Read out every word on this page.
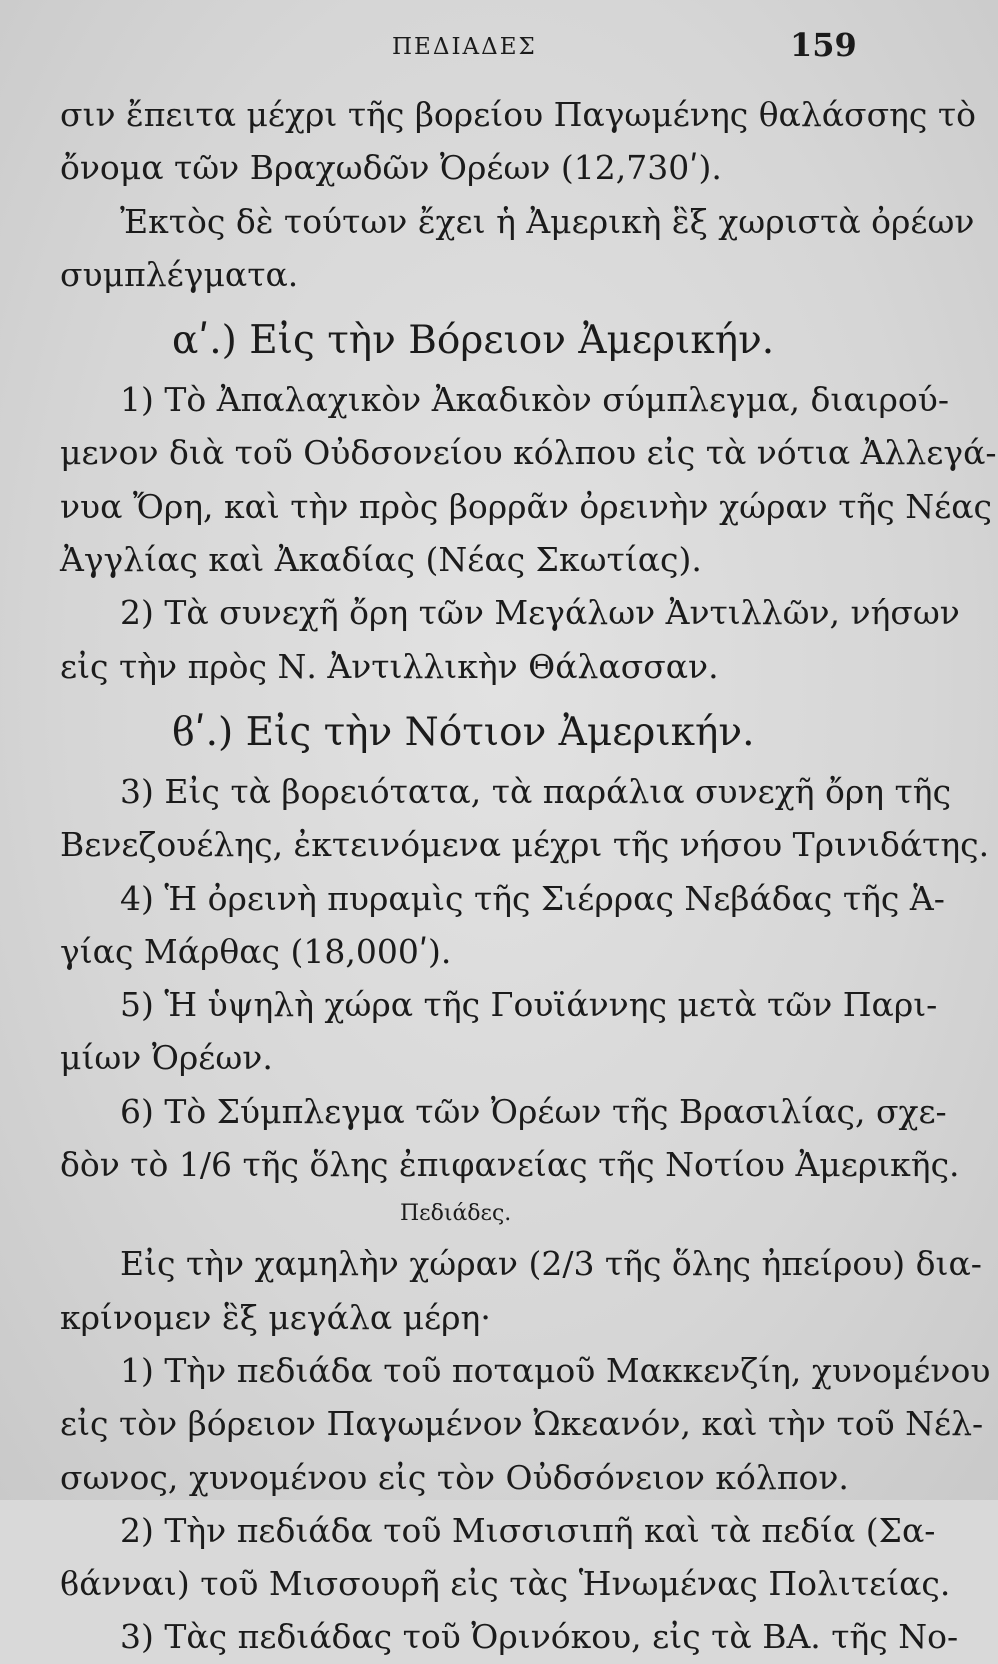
ΠΕΔΙΑΔΕΣ	159
σιν ἔπειτα μέχρι τῆς βορείου Παγωμένης θαλάσσης τὸ
ὄνομα τῶν Βραχωδῶν Ὀρέων (12,730ʹ).
Ἐκτὸς δὲ τούτων ἔχει ἡ Ἀμερικὴ ἓξ χωριστὰ ὀρέων
συμπλέγματα.
αʹ.) Εἰς τὴν Βόρειον Ἀμερικήν.
1) Τὸ Ἀπαλαχικὸν Ἀκαδικὸν σύμπλεγμα, διαιρού-
μενον διὰ τοῦ Οὐδσονείου κόλπου εἰς τὰ νότια Ἀλλεγά-
νυα Ὄρη, καὶ τὴν πρὸς βορρᾶν ὀρεινὴν χώραν τῆς Νέας
Ἀγγλίας καὶ Ἀκαδίας (Νέας Σκωτίας).
2) Τὰ συνεχῆ ὄρη τῶν Μεγάλων Ἀντιλλῶν, νήσων
εἰς τὴν πρὸς Ν. Ἀντιλλικὴν Θάλασσαν.
ϐʹ.) Εἰς τὴν Νότιον Ἀμερικήν.
3) Εἰς τὰ βορειότατα, τὰ παράλια συνεχῆ ὄρη τῆς
Βενεζουέλης, ἐκτεινόμενα μέχρι τῆς νήσου Τρινιδάτης.
4) Ἡ ὀρεινὴ πυραμὶς τῆς Σιέρρας Νεβάδας τῆς Ἁ-
γίας Μάρθας (18,000ʹ).
5) Ἡ ὑψηλὴ χώρα τῆς Γουϊάννης μετὰ τῶν Παρι-
μίων Ὀρέων.
6) Τὸ Σύμπλεγμα τῶν Ὀρέων τῆς Βρασιλίας, σχε-
δὸν τὸ 1/6 τῆς ὅλης ἐπιφανείας τῆς Νοτίου Ἀμερικῆς.
Πεδιάδες.
Εἰς τὴν χαμηλὴν χώραν (2/3 τῆς ὅλης ἠπείρου) δια-
κρίνομεν ἓξ μεγάλα μέρη·
1) Τὴν πεδιάδα τοῦ ποταμοῦ Μακκενζίη, χυνομένου
εἰς τὸν βόρειον Παγωμένον Ὠκεανόν, καὶ τὴν τοῦ Νέλ-
σωνος, χυνομένου εἰς τὸν Οὐδσόνειον κόλπον.
2) Τὴν πεδιάδα τοῦ Μισσισιπῆ καὶ τὰ πεδία (Σα-
ϐάνναι) τοῦ Μισσουρῆ εἰς τὰς Ἡνωμένας Πολιτείας.
3) Τὰς πεδιάδας τοῦ Ὀρινόκου, εἰς τὰ ΒΑ. τῆς Νο-
